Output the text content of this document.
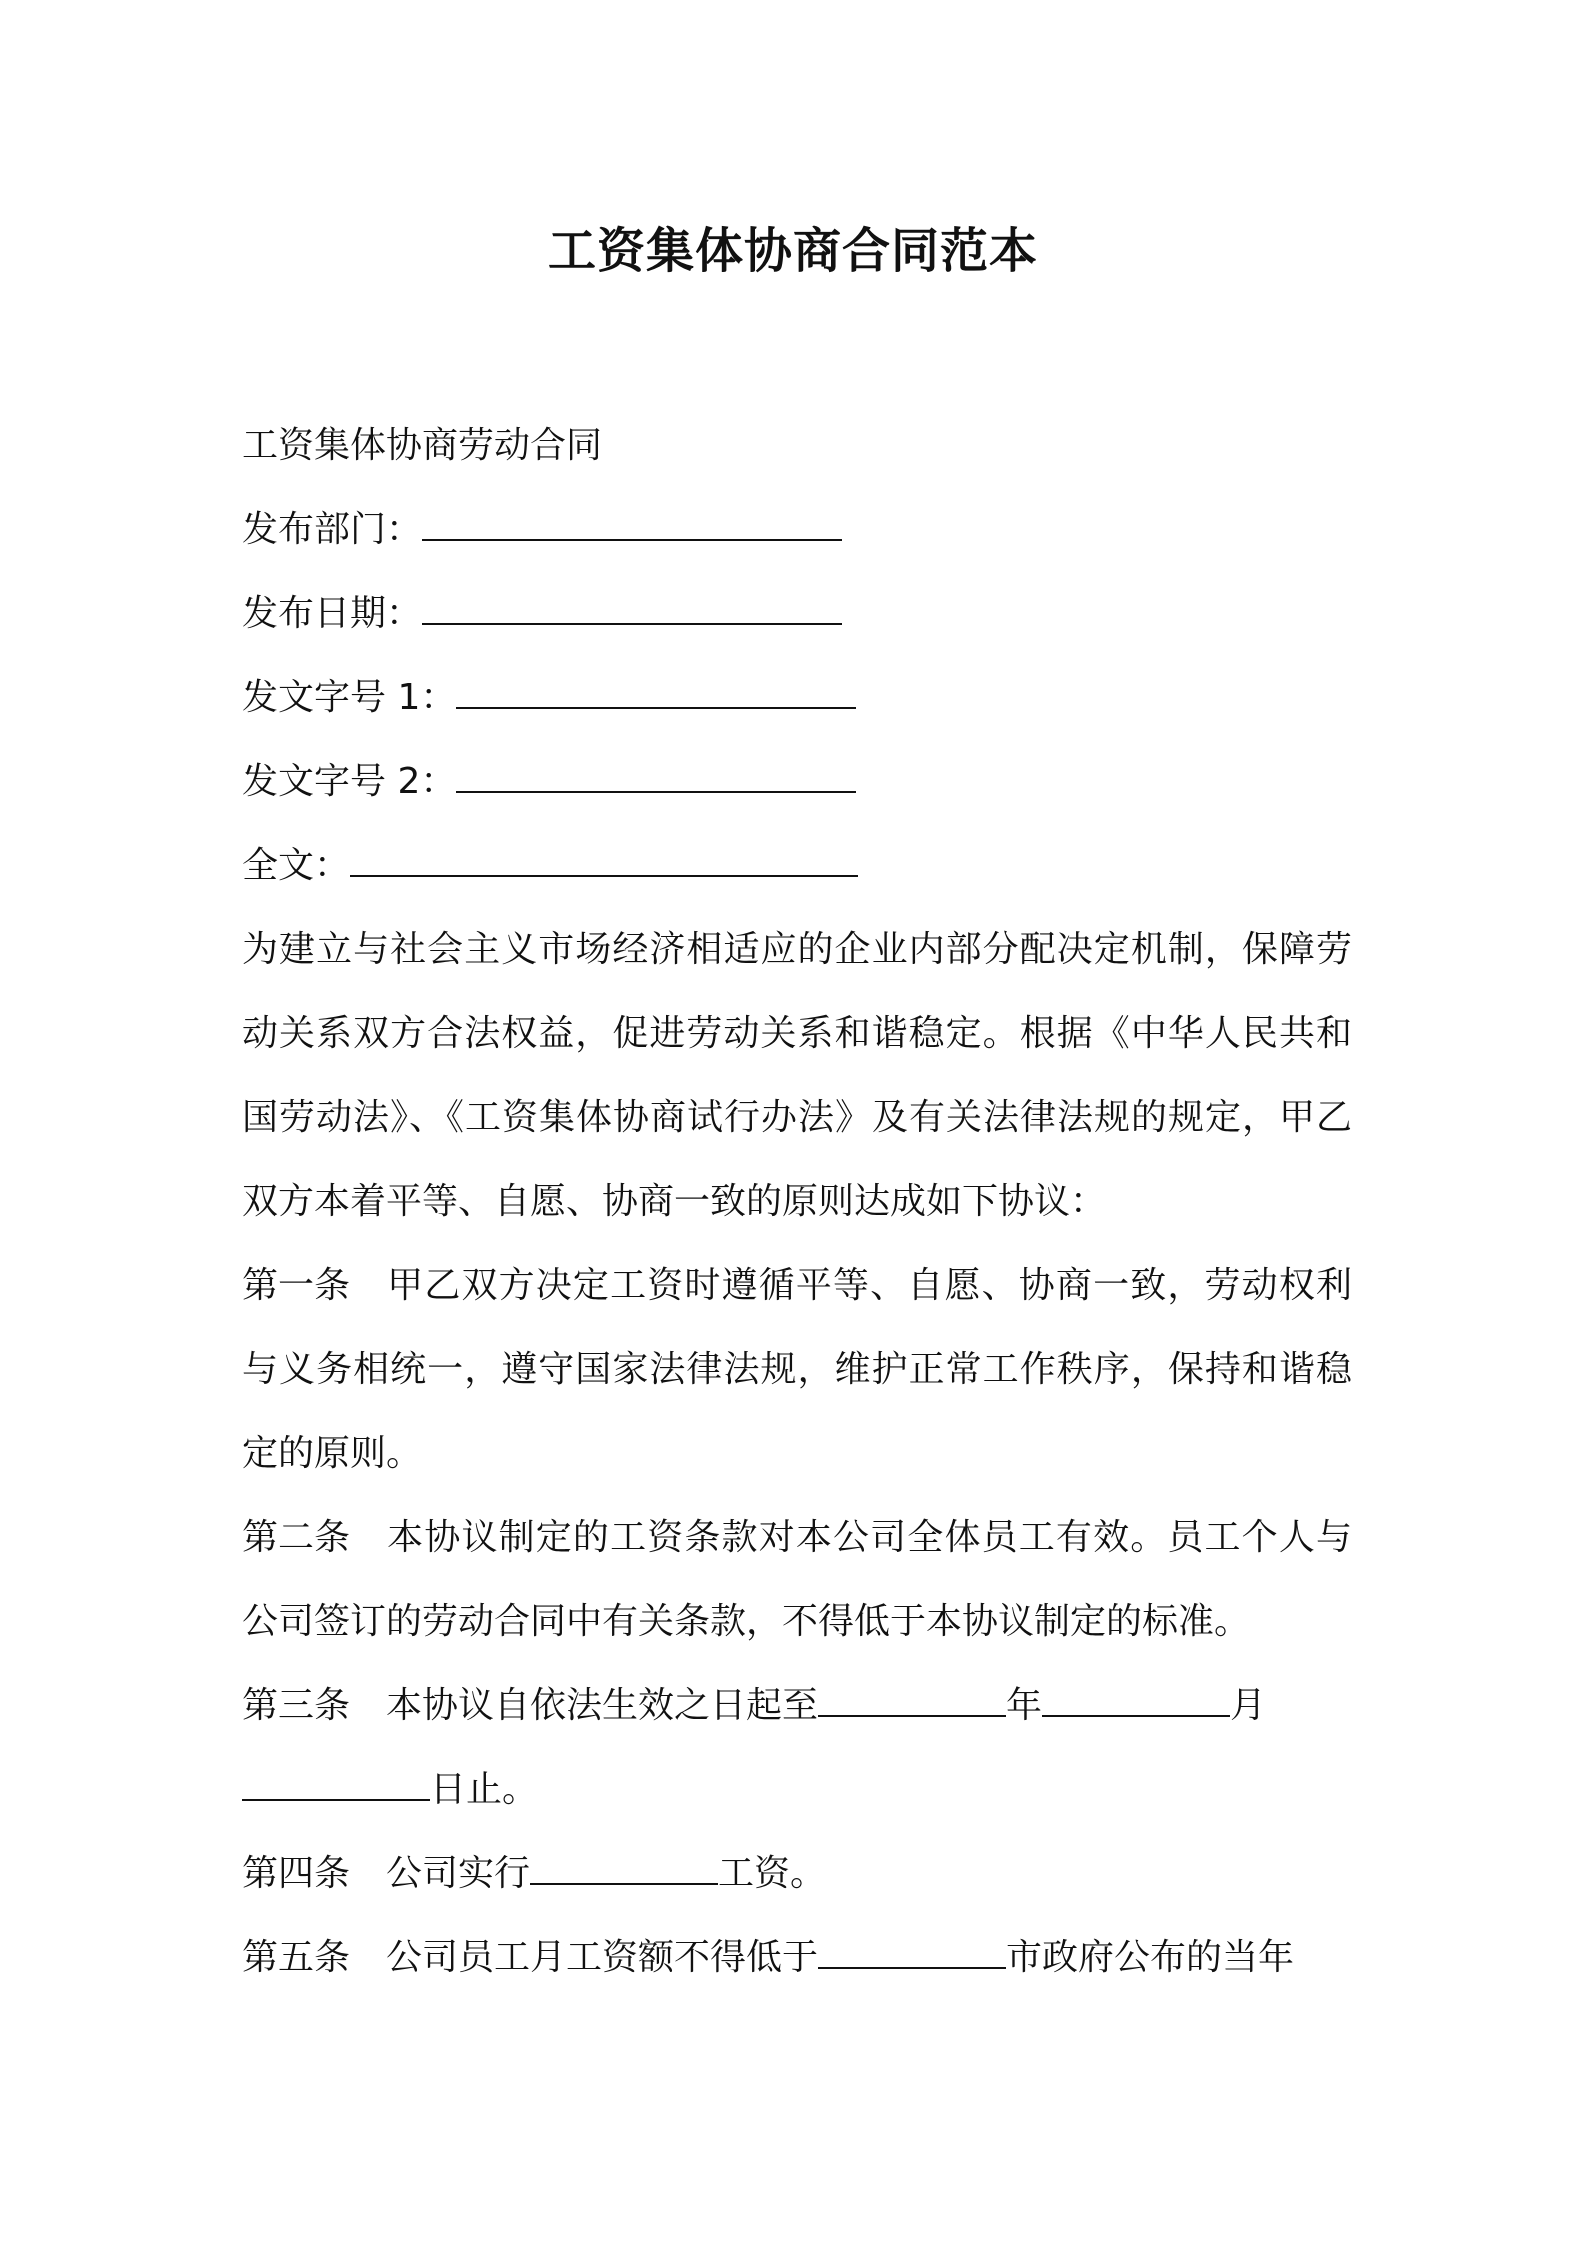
工资集体协商合同范本
工资集体协商劳动合同
发布部门：
发布日期：
发文字号 1：
发文字号 2：
全文：
为建立与社会主义市场经济相适应的企业内部分配决定机制，保障劳动关系双方合法权益，促进劳动关系和谐稳定。根据《中华人民共和国劳动法》、《工资集体协商试行办法》及有关法律法规的规定，甲乙双方本着平等、自愿、协商一致的原则达成如下协议：
第一条 甲乙双方决定工资时遵循平等、自愿、协商一致，劳动权利与义务相统一，遵守国家法律法规，维护正常工作秩序，保持和谐稳定的原则。
第二条 本协议制定的工资条款对本公司全体员工有效。员工个人与公司签订的劳动合同中有关条款，不得低于本协议制定的标准。
第三条 本协议自依法生效之日起至	年	月
日止。
第四条 公司实行	工资。
第五条 公司员工月工资额不得低于	市政府公布的当年
